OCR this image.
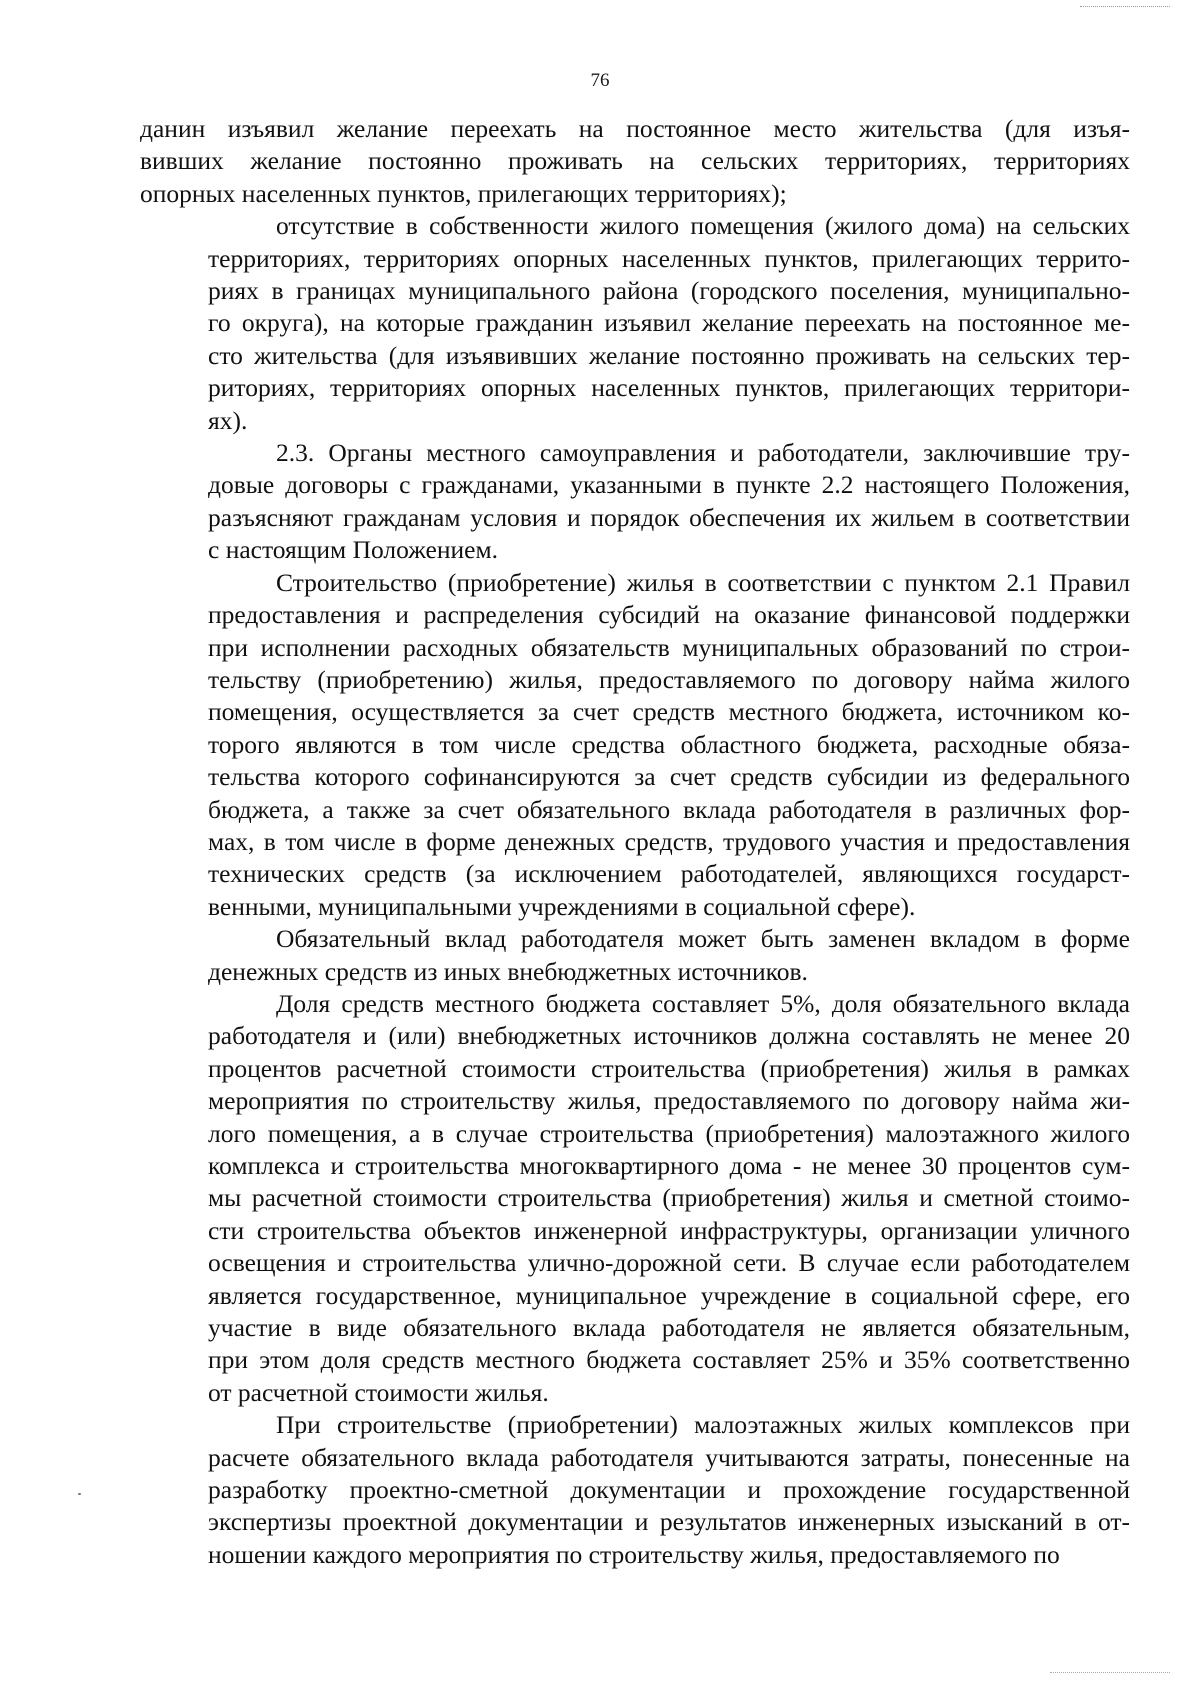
76
данин изъявил желание переехать на постоянное место жительства (для изъя-
вивших желание постоянно проживать на сельских территориях, территориях
опорных населенных пунктов, прилегающих территориях);
отсутствие в собственности жилого помещения (жилого дома) на сельских
территориях, территориях опорных населенных пунктов, прилегающих террито-
риях в границах муниципального района (городского поселения, муниципально-
го округа), на которые гражданин изъявил желание переехать на постоянное ме-
сто жительства (для изъявивших желание постоянно проживать на сельских тер-
риториях, территориях опорных населенных пунктов, прилегающих территори-
ях).
2.3. Органы местного самоуправления и работодатели, заключившие тру-
довые договоры с гражданами, указанными в пункте 2.2 настоящего Положения,
разъясняют гражданам условия и порядок обеспечения их жильем в соответствии
с настоящим Положением.
Строительство (приобретение) жилья в соответствии с пунктом 2.1 Правил
предоставления и распределения субсидий на оказание финансовой поддержки
при исполнении расходных обязательств муниципальных образований по строи-
тельству (приобретению) жилья, предоставляемого по договору найма жилого
помещения, осуществляется за счет средств местного бюджета, источником ко-
торого являются в том числе средства областного бюджета, расходные обяза-
тельства которого софинансируются за счет средств субсидии из федерального
бюджета, а также за счет обязательного вклада работодателя в различных фор-
мах, в том числе в форме денежных средств, трудового участия и предоставления
технических средств (за исключением работодателей, являющихся государст-
венными, муниципальными учреждениями в социальной сфере).
Обязательный вклад работодателя может быть заменен вкладом в форме
денежных средств из иных внебюджетных источников.
Доля средств местного бюджета составляет 5%, доля обязательного вклада
работодателя и (или) внебюджетных источников должна составлять не менее 20
процентов расчетной стоимости строительства (приобретения) жилья в рамках
мероприятия по строительству жилья, предоставляемого по договору найма жи-
лого помещения, а в случае строительства (приобретения) малоэтажного жилого
комплекса и строительства многоквартирного дома - не менее 30 процентов сум-
мы расчетной стоимости строительства (приобретения) жилья и сметной стоимо-
сти строительства объектов инженерной инфраструктуры, организации уличного
освещения и строительства улично-дорожной сети. В случае если работодателем
является государственное, муниципальное учреждение в социальной сфере, его
участие в виде обязательного вклада работодателя не является обязательным,
при этом доля средств местного бюджета составляет 25% и 35% соответственно
от расчетной стоимости жилья.
При строительстве (приобретении) малоэтажных жилых комплексов при
расчете обязательного вклада работодателя учитываются затраты, понесенные на
разработку проектно-сметной документации и прохождение государственной
экспертизы проектной документации и результатов инженерных изысканий в от-
ношении каждого мероприятия по строительству жилья, предоставляемого по
